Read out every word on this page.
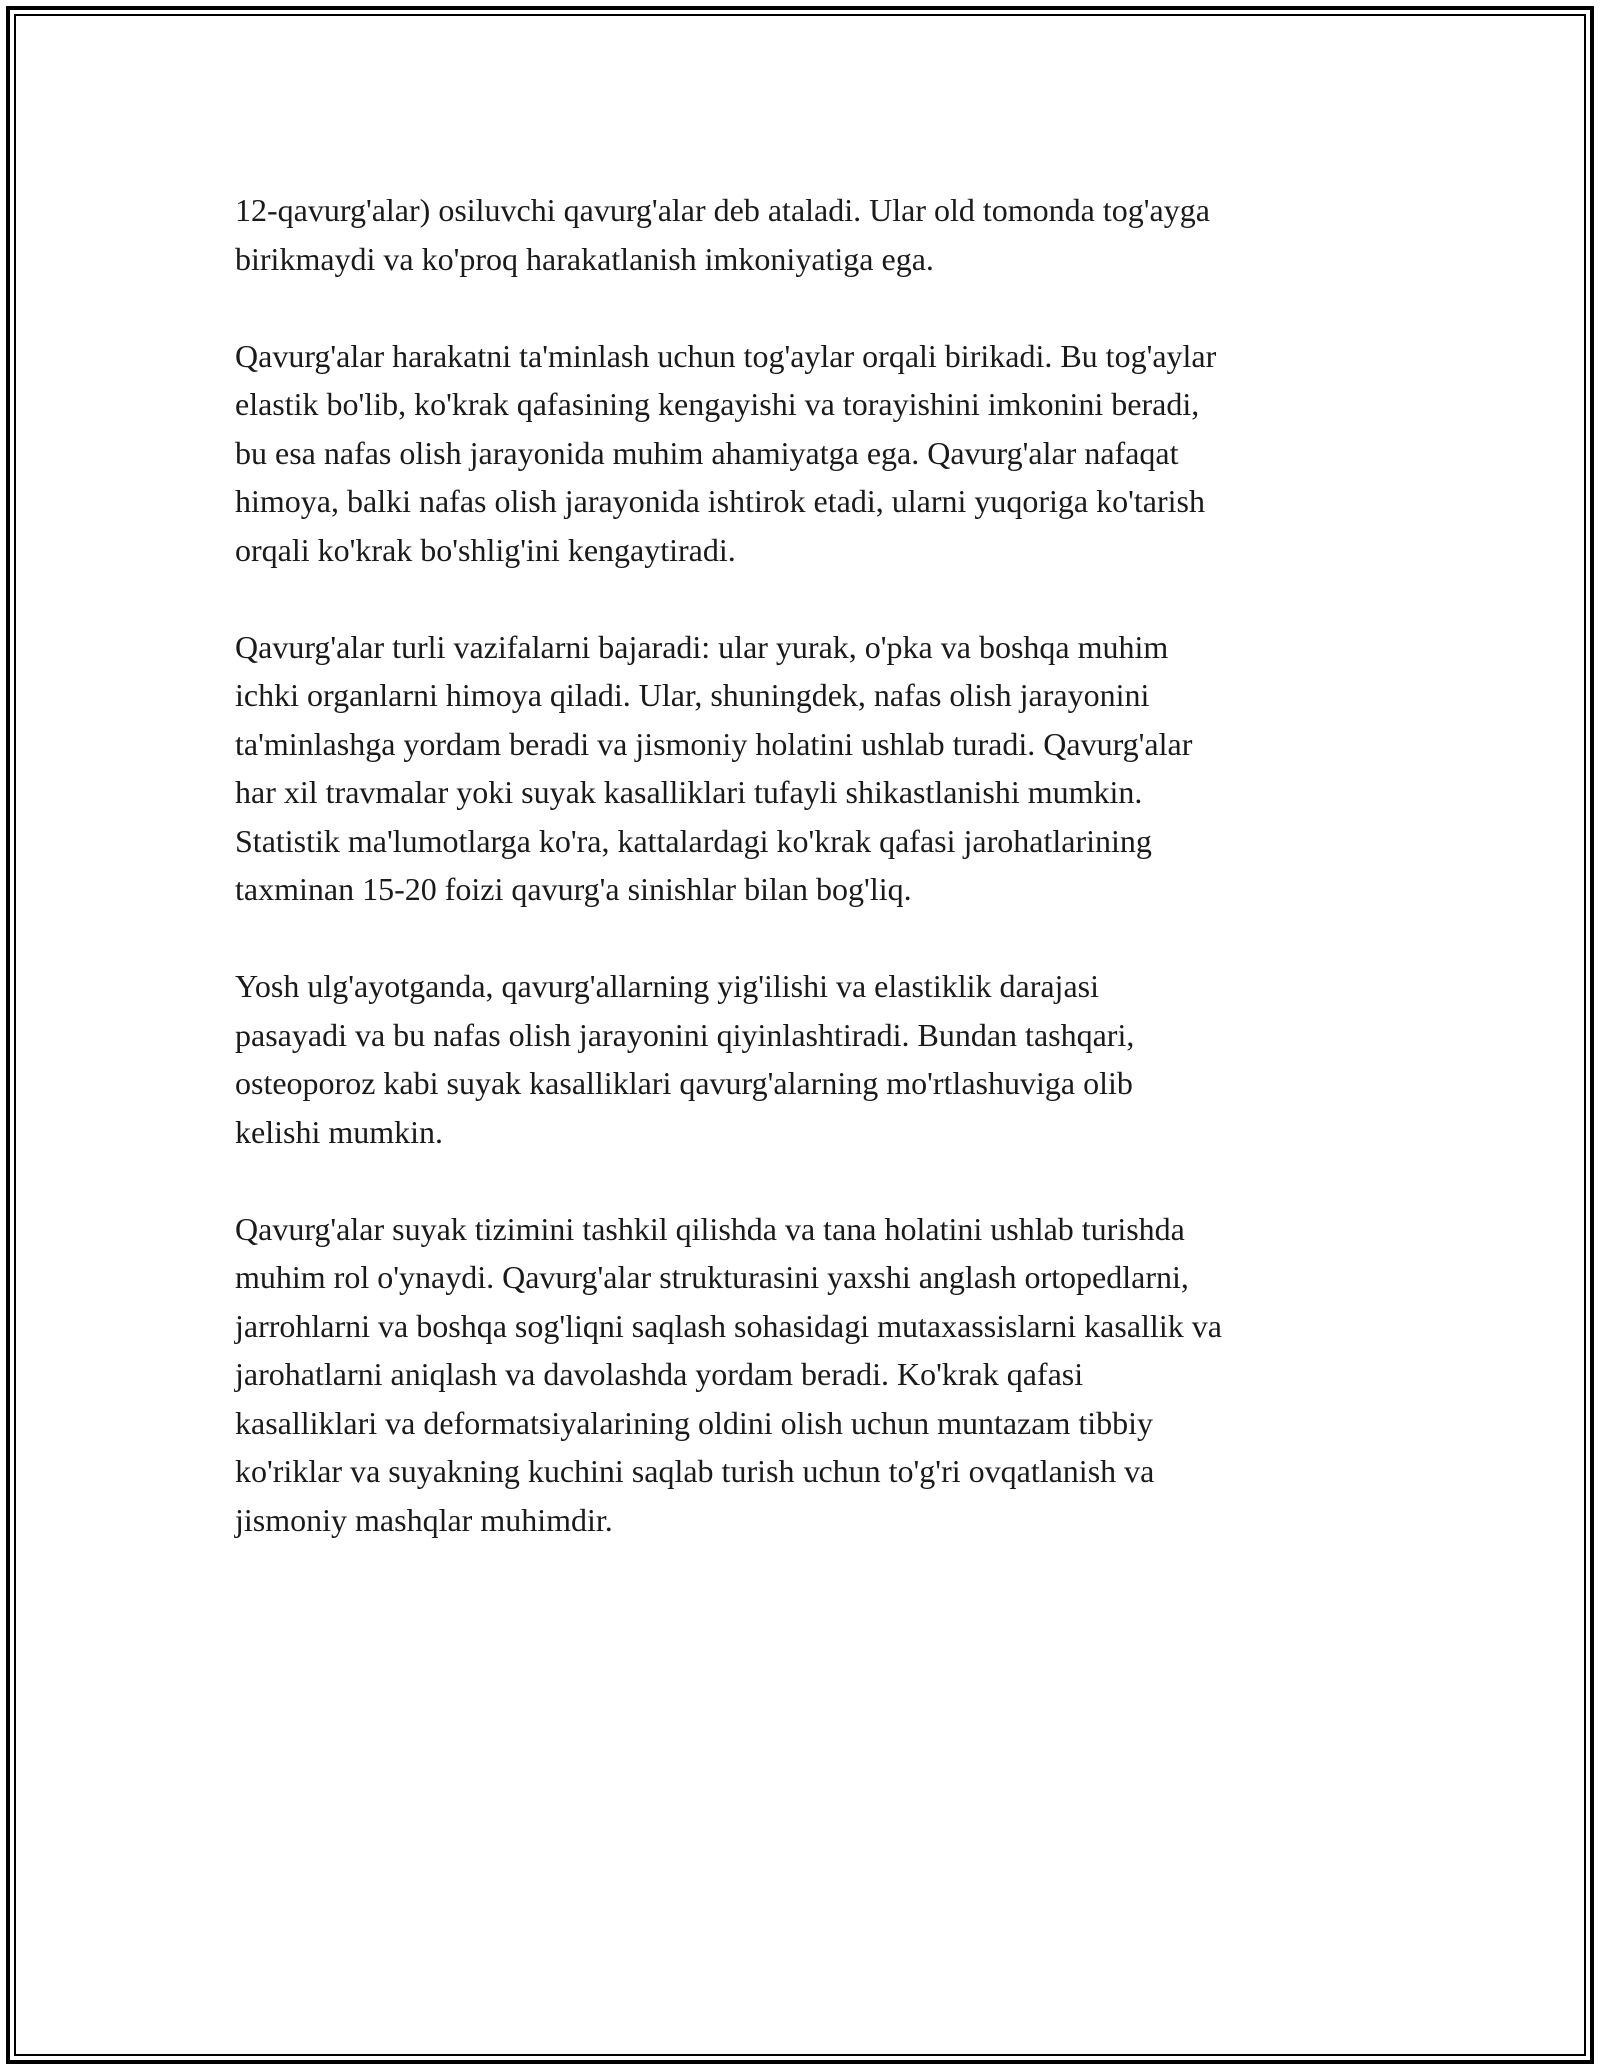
12-qavurg'alar) osiluvchi qavurg'alar deb ataladi. Ular old tomonda tog'ayga
birikmaydi va ko'proq harakatlanish imkoniyatiga ega.

Qavurg'alar harakatni ta'minlash uchun tog'aylar orqali birikadi. Bu tog'aylar
elastik bo'lib, ko'krak qafasining kengayishi va torayishini imkonini beradi,
bu esa nafas olish jarayonida muhim ahamiyatga ega. Qavurg'alar nafaqat
himoya, balki nafas olish jarayonida ishtirok etadi, ularni yuqoriga ko'tarish
orqali ko'krak bo'shlig'ini kengaytiradi.

Qavurg'alar turli vazifalarni bajaradi: ular yurak, o'pka va boshqa muhim
ichki organlarni himoya qiladi. Ular, shuningdek, nafas olish jarayonini
ta'minlashga yordam beradi va jismoniy holatini ushlab turadi. Qavurg'alar
har xil travmalar yoki suyak kasalliklari tufayli shikastlanishi mumkin.
Statistik ma'lumotlarga ko'ra, kattalardagi ko'krak qafasi jarohatlarining
taxminan 15-20 foizi qavurg'a sinishlar bilan bog'liq.

Yosh ulg'ayotganda, qavurg'allarning yig'ilishi va elastiklik darajasi
pasayadi va bu nafas olish jarayonini qiyinlashtiradi. Bundan tashqari,
osteoporoz kabi suyak kasalliklari qavurg'alarning mo'rtlashuviga olib
kelishi mumkin.

Qavurg'alar suyak tizimini tashkil qilishda va tana holatini ushlab turishda
muhim rol o'ynaydi. Qavurg'alar strukturasini yaxshi anglash ortopedlarni,
jarrohlarni va boshqa sog'liqni saqlash sohasidagi mutaxassislarni kasallik va
jarohatlarni aniqlash va davolashda yordam beradi. Ko'krak qafasi
kasalliklari va deformatsiyalarining oldini olish uchun muntazam tibbiy
ko'riklar va suyakning kuchini saqlab turish uchun to'g'ri ovqatlanish va
jismoniy mashqlar muhimdir.
